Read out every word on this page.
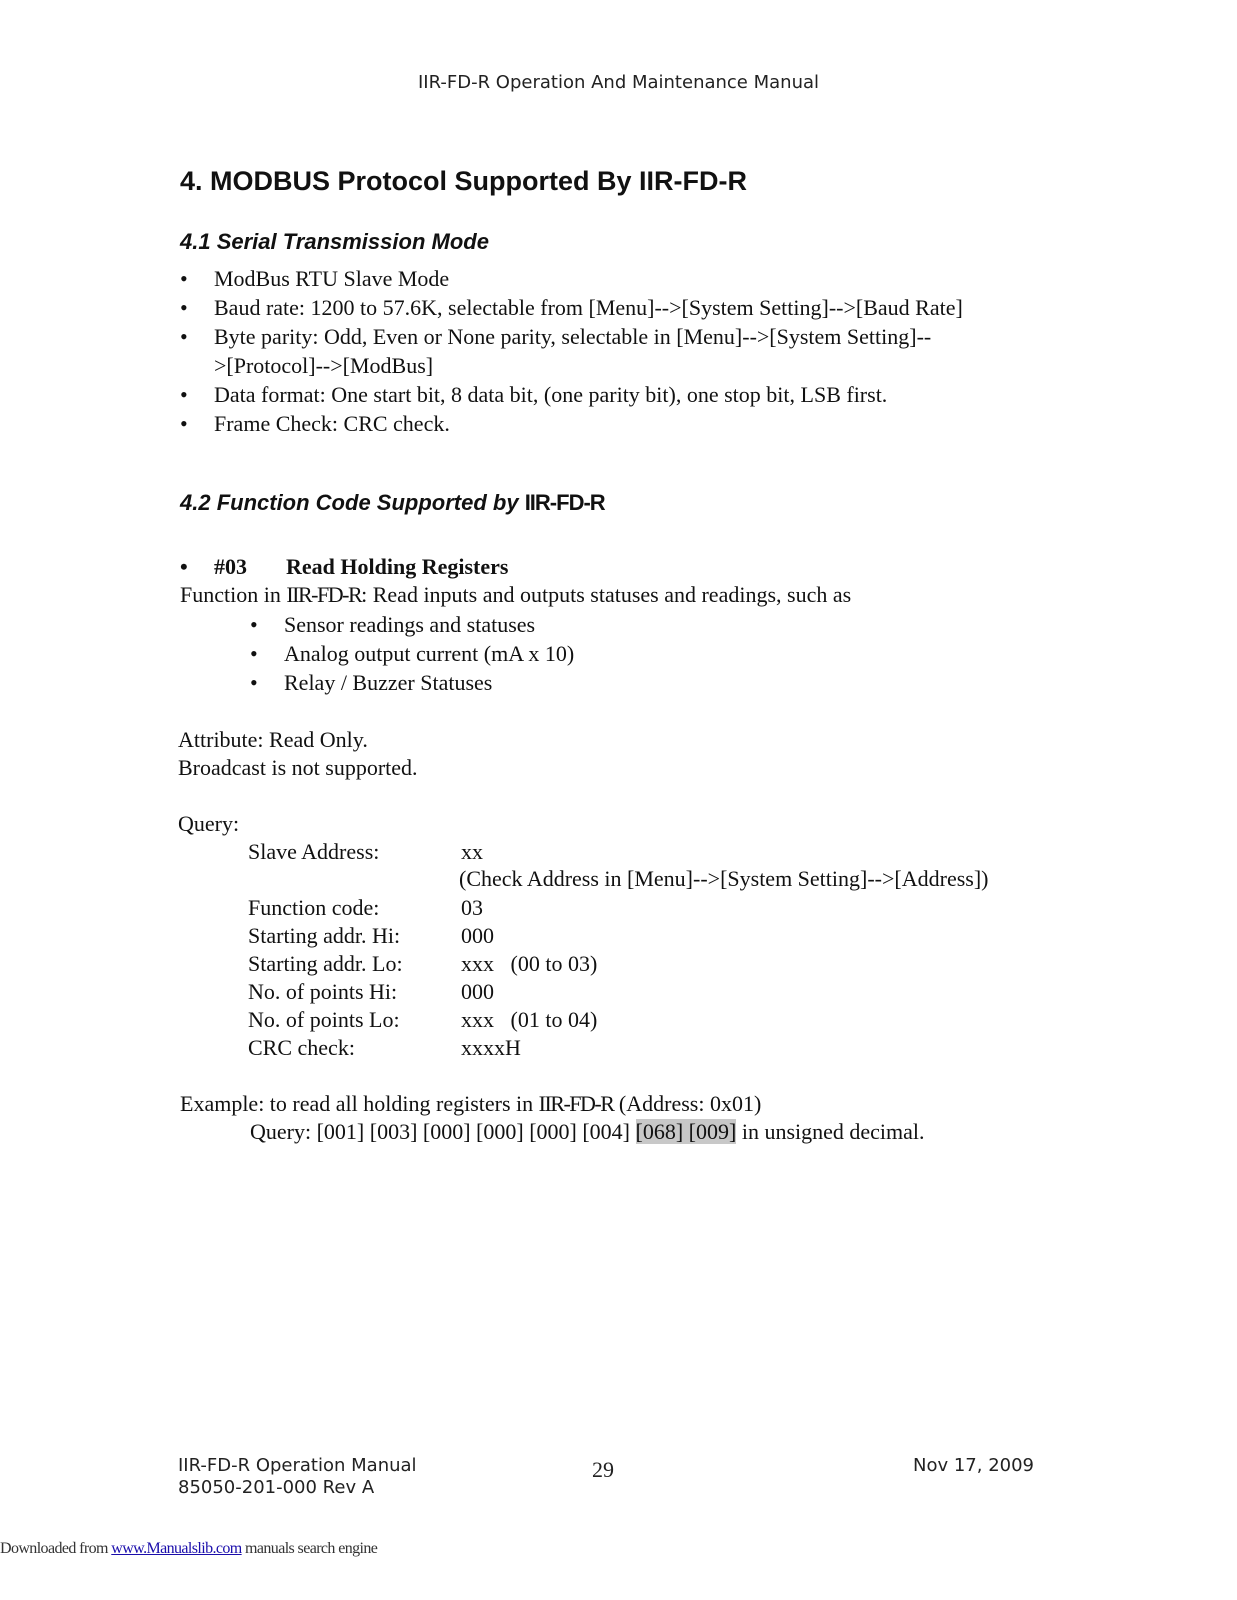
IIR-FD-R Operation And Maintenance Manual
4. MODBUS Protocol Supported By IIR-FD-R
4.1 Serial Transmission Mode
• ModBus RTU Slave Mode
• Baud rate: 1200 to 57.6K, selectable from [Menu]-->[System Setting]-->[Baud Rate]
• Byte parity: Odd, Even or None parity, selectable in [Menu]-->[System Setting]--
>[Protocol]-->[ModBus]
• Data format: One start bit, 8 data bit, (one parity bit), one stop bit, LSB first.
• Frame Check: CRC check.
4.2 Function Code Supported by IIR-FD-R
• #03 Read Holding Registers
Function in IIR-FD-R: Read inputs and outputs statuses and readings, such as
• Sensor readings and statuses
• Analog output current (mA x 10)
• Relay / Buzzer Statuses
Attribute: Read Only.
Broadcast is not supported.
Query:
Slave Address:	xx
(Check Address in [Menu]-->[System Setting]-->[Address])
Function code:	03
Starting addr. Hi:	000
Starting addr. Lo:	xxx   (00 to 03)
No. of points Hi:	000
No. of points Lo:	xxx   (01 to 04)
CRC check:	xxxxH
Example: to read all holding registers in IIR-FD-R (Address: 0x01)
Query: [001] [003] [000] [000] [000] [004] [068] [009] in unsigned decimal.
IIR-FD-R Operation Manual
85050-201-000 Rev A
29	Nov 17, 2009
Downloaded from www.Manualslib.com manuals search engine
